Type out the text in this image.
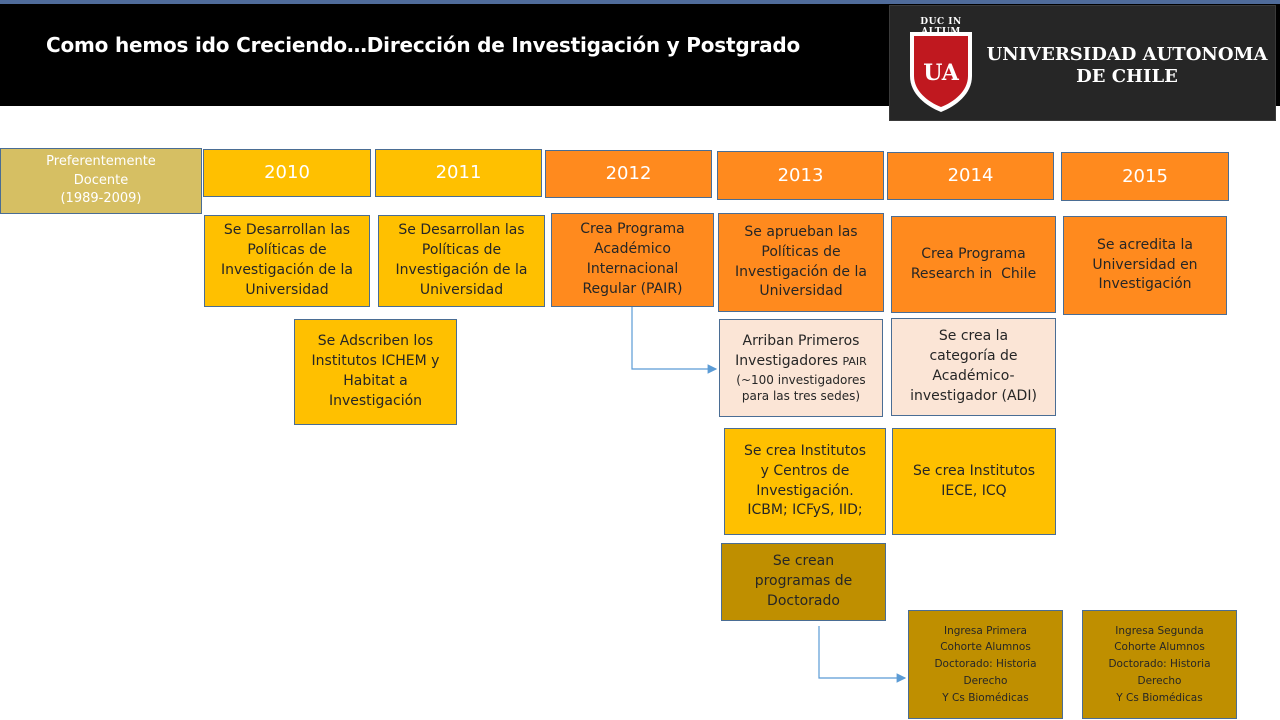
Como hemos ido Creciendo…Dirección de Investigación y Postgrado
DUC IN
UA
UNIVERSIDAD AUTONOMA
DE CHILE
Preferentemente
Docente
(1989-2009)
2010	2011	2012	2013	2014	2015
Se Desarrollan las
Políticas de
Investigación de la
Universidad
Se Adscriben los
Institutos ICHEM y
Habitat a
Investigación
Se Desarrollan las
Políticas de
Investigación de la
Universidad
Crea Programa
Académico
Internacional
Regular (PAIR)
Se aprueban las
Políticas de
Investigación de la
Universidad
Arriban Primeros
Investigadores PAIR
(~100 investigadores
para las tres sedes)
Se crea Institutos
y Centros de
Investigación.
ICBM; ICFyS, IID;
Se crean
programas de
Doctorado
Crea Programa
Research in  Chile
Se crea la
categoría de
Académico-
investigador (ADI)
Se crea Institutos
IECE, ICQ
Ingresa Primera
Cohorte Alumnos
Doctorado: Historia
Derecho
Y Cs Biomédicas
Se acredita la
Universidad en
Investigación
Ingresa Segunda
Cohorte Alumnos
Doctorado: Historia
Derecho
Y Cs Biomédicas
